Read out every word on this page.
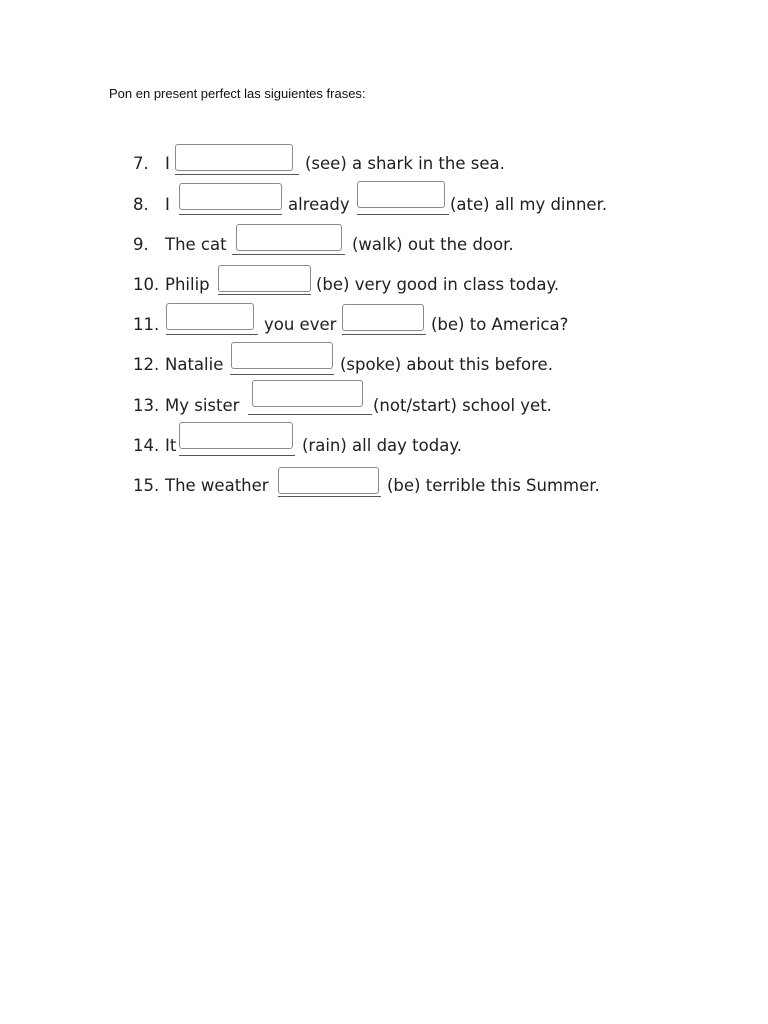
Pon en present perfect las siguientes frases:
7. I	(see) a shark in the sea.
8. I	already	(ate) all my dinner.
9. The cat	(walk) out the door.
10. Philip	(be) very good in class today.
11.	you ever	(be) to America?
12. Natalie	(spoke) about this before.
13. My sister	(not/start) school yet.
14. It	(rain) all day today.
15. The weather	(be) terrible this Summer.
